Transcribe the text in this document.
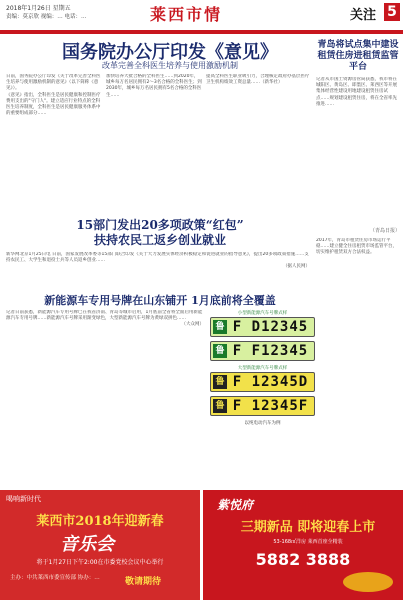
2018年1月26日 星期五
责编：莫京欣 视编：… 电话：…	莱西市情	关注 5
国务院办公厅印发《意见》
改革完善全科医生培养与使用激励机制

日前，国务院办公厅印发《关于改革完善全科医生培养与使用激励机制的意见》（以下简称《意见》）。

《意见》指出，全科医生是居民健康和控制医疗费用支出的"守门人"。建立适应行业特点的全科医生培养制度，全科医生是居民健康服务体系中的重要组成部分……

加快培养大批合格的全科医生……到2020年，城乡每万名居民拥有2～3名合格的全科医生；到2030年，城乡每万名居民拥有5名合格的全科医生……

提高全科医生职业吸引力，合理核定政府办基层医疗卫生机构绩效工资总量……（新华社）

青岛将试点集中建设租赁住房进租赁监管平台

记者从市国土资源房管局获悉，我市将在城阳区、黄岛区、即墨区、莱西区等开展集体经营性建设用地建设租赁住房试点……规划建设租赁住房，将在全省率先推进……

（青岛日报）

2017年，青岛市租赁住房市场运行平稳……建立健全住房租赁市场监管平台，切实维护租赁双方合法权益。

15部门发出20多项政策“红包”
扶持农民工返乡创业就业

新华网北京1月25日电 日前，国家发展改革委等15部门联合印发《关于大力发展实体经济积极稳定和促进就业的指导意见》，提出20多项政策措施……支持农民工、大学生和退役士兵等人员返乡创业……

（据人民网）

新能源车专用号牌在山东铺开 1月底前将全覆盖

记者日前获悉，新能源汽车专用号牌已在我省济南、青岛等城市启用，1月底前全省将全面启用新能源汽车专用号牌……新能源汽车号牌采用渐变绿色，大型新能源汽车号牌为黄绿双拼色……

（大众网）

小型新能源汽车号牌式样
鲁 F D12345
鲁 F F12345
大型新能源汽车号牌式样
鲁 F 12345D
鲁 F 12345F
以纯电动汽车为例
喝响新时代
莱西市2018年迎新春
音乐会
将于1月27日下午2:00在市委党校会议中心举行
主办：中共莱西市委宣传部 协办：…	敬请期待
紫悦府
三期新品 即将迎春上市
53-168㎡洋房 莱西首座全精装
5882 3888
